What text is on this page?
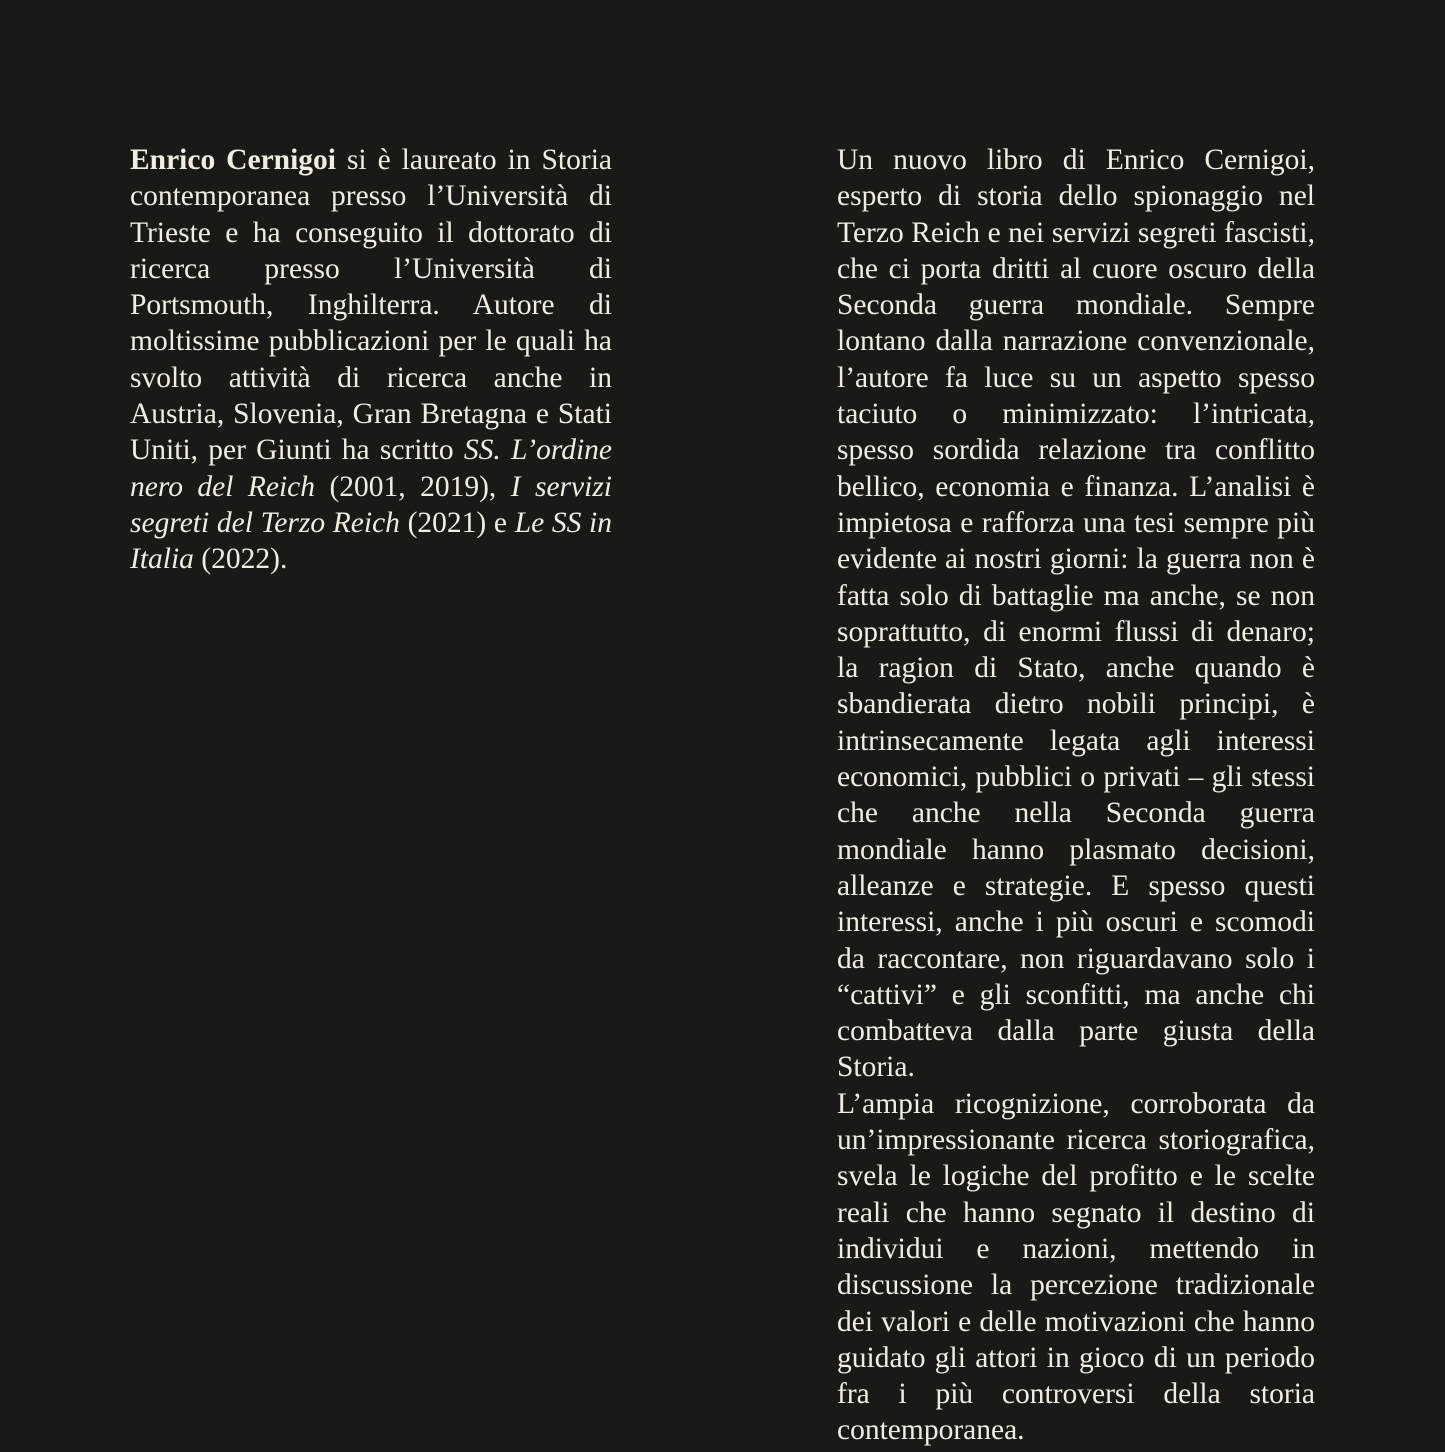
Enrico Cernigoi si è laureato in Storia contemporanea presso l’Università di Trieste e ha conseguito il dottorato di ricerca presso l’Università di Portsmouth, Inghilterra. Autore di moltissime pubblicazioni per le quali ha svolto attività di ricerca anche in Austria, Slovenia, Gran Bretagna e Stati Uniti, per Giunti ha scritto SS. L’ordine nero del Reich (2001, 2019), I servizi segreti del Terzo Reich (2021) e Le SS in Italia (2022).

Un nuovo libro di Enrico Cernigoi, esperto di storia dello spionaggio nel Terzo Reich e nei servizi segreti fascisti, che ci porta dritti al cuore oscuro della Seconda guerra mondiale. Sempre lontano dalla narrazione convenzionale, l’autore fa luce su un aspetto spesso taciuto o minimizzato: l’intricata, spesso sordida relazione tra conflitto bellico, economia e finanza. L’analisi è impietosa e rafforza una tesi sempre più evidente ai nostri giorni: la guerra non è fatta solo di battaglie ma anche, se non soprattutto, di enormi flussi di denaro; la ragion di Stato, anche quando è sbandierata dietro nobili principi, è intrinsecamente legata agli interessi economici, pubblici o privati – gli stessi che anche nella Seconda guerra mondiale hanno plasmato decisioni, alleanze e strategie. E spesso questi interessi, anche i più oscuri e scomodi da raccontare, non riguardavano solo i “cattivi” e gli sconfitti, ma anche chi combatteva dalla parte giusta della Storia.

L’ampia ricognizione, corroborata da un’impressionante ricerca storiografica, svela le logiche del profitto e le scelte reali che hanno segnato il destino di individui e nazioni, mettendo in discussione la percezione tradizionale dei valori e delle motivazioni che hanno guidato gli attori in gioco di un periodo fra i più controversi della storia contemporanea.
